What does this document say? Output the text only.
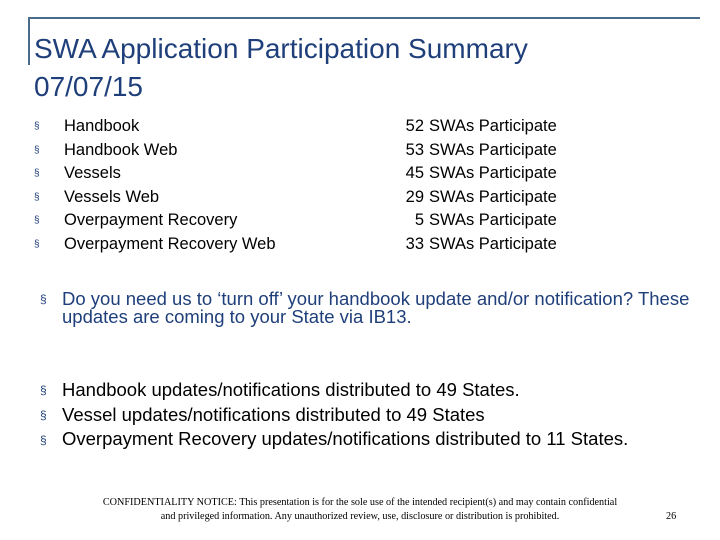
SWA Application Participation Summary
07/07/15
§ Handbook	52 SWAs Participate
§ Handbook Web	53 SWAs Participate
§ Vessels	45 SWAs Participate
§ Vessels Web	29 SWAs Participate
§ Overpayment Recovery	5 SWAs Participate
§ Overpayment Recovery Web	33 SWAs Participate
§ Do you need us to ‘turn off’ your handbook update and/or notification? These updates are coming to your State via IB13.
§ Handbook updates/notifications distributed to 49 States.
§ Vessel updates/notifications distributed to 49 States
§ Overpayment Recovery updates/notifications distributed to 11 States.
CONFIDENTIALITY NOTICE: This presentation is for the sole use of the intended recipient(s) and may contain confidential
and privileged information. Any unauthorized review, use, disclosure or distribution is prohibited.	26
